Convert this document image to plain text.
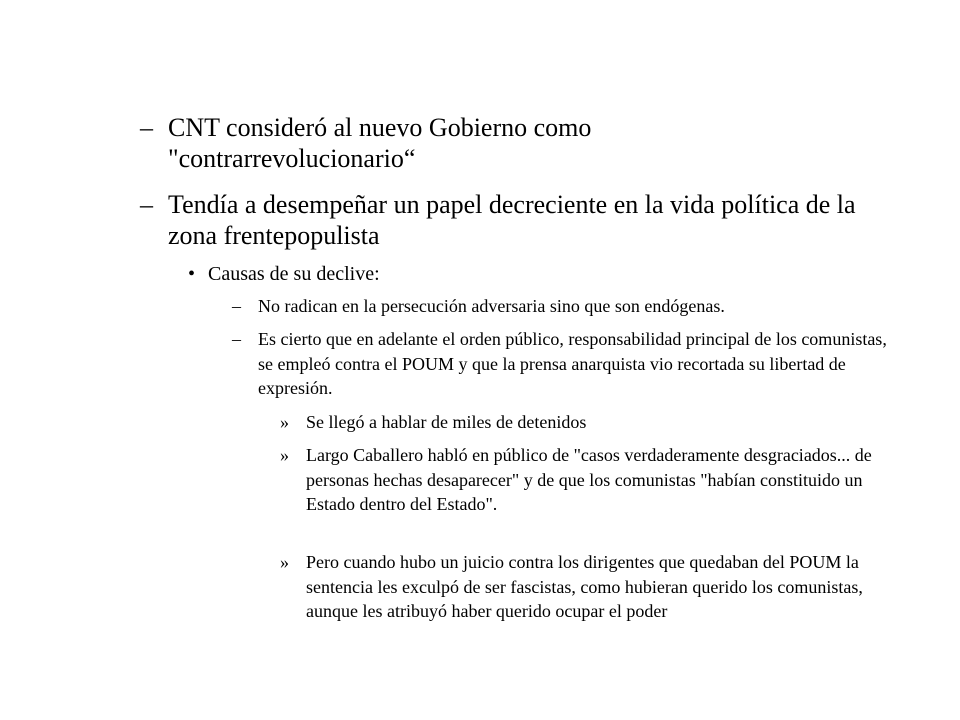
– CNT consideró al nuevo Gobierno como "contrarrevolucionario“
– Tendía a desempeñar un papel decreciente en la vida política de la zona frentepopulista
• Causas de su declive:
– No radican en la persecución adversaria sino que son endógenas.
– Es cierto que en adelante el orden público, responsabilidad principal de los comunistas, se empleó contra el POUM y que la prensa anarquista vio recortada su libertad de expresión.
» Se llegó a hablar de miles de detenidos
» Largo Caballero habló en público de "casos verdaderamente desgraciados... de personas hechas desaparecer" y de que los comunistas "habían constituido un Estado dentro del Estado".
» Pero cuando hubo un juicio contra los dirigentes que quedaban del POUM la sentencia les exculpó de ser fascistas, como hubieran querido los comunistas, aunque les atribuyó haber querido ocupar el poder
